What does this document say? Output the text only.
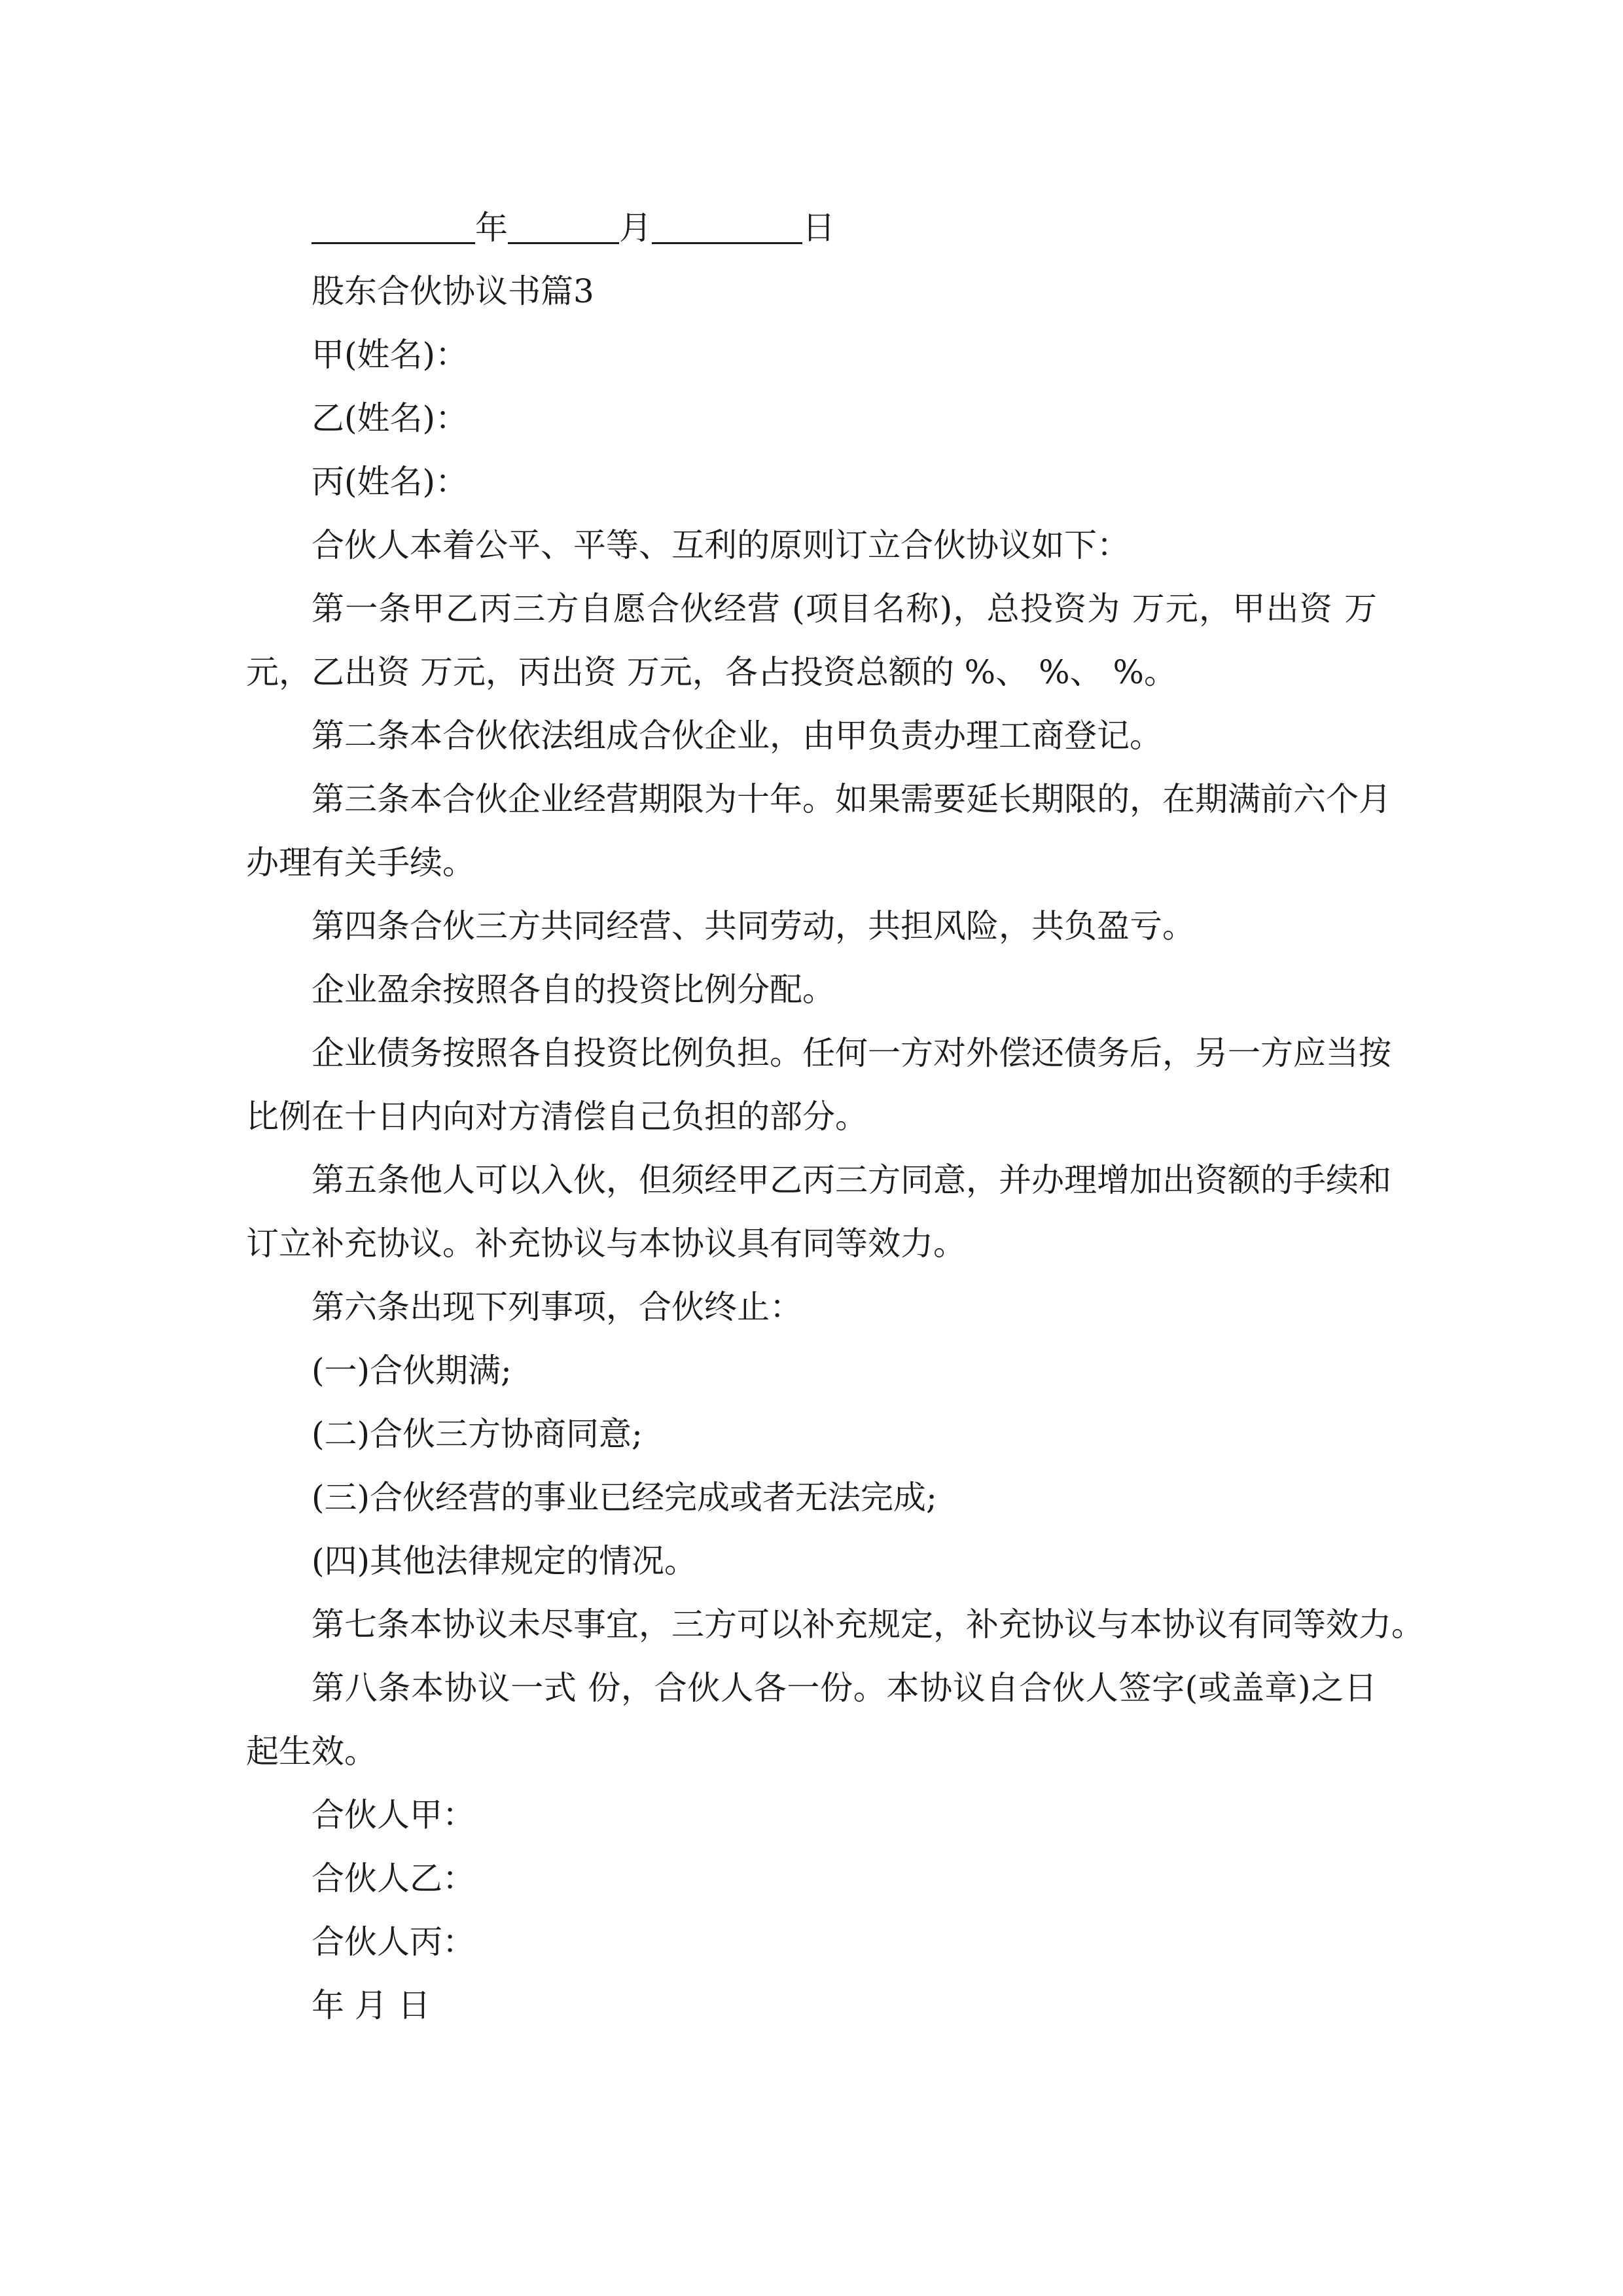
年	月	日
股东合伙协议书篇3
甲(姓名)：
乙(姓名)：
丙(姓名)：
合伙人本着公平、平等、互利的原则订立合伙协议如下：
第一条甲乙丙三方自愿合伙经营 (项目名称)，总投资为 万元，甲出资 万
元，乙出资 万元，丙出资 万元，各占投资总额的 %、 %、 %。
第二条本合伙依法组成合伙企业，由甲负责办理工商登记。
第三条本合伙企业经营期限为十年。如果需要延长期限的，在期满前六个月
办理有关手续。
第四条合伙三方共同经营、共同劳动，共担风险，共负盈亏。
企业盈余按照各自的投资比例分配。
企业债务按照各自投资比例负担。任何一方对外偿还债务后，另一方应当按
比例在十日内向对方清偿自己负担的部分。
第五条他人可以入伙，但须经甲乙丙三方同意，并办理增加出资额的手续和
订立补充协议。补充协议与本协议具有同等效力。
第六条出现下列事项，合伙终止：
(一)合伙期满;
(二)合伙三方协商同意;
(三)合伙经营的事业已经完成或者无法完成;
(四)其他法律规定的情况。
第七条本协议未尽事宜，三方可以补充规定，补充协议与本协议有同等效力。
第八条本协议一式 份，合伙人各一份。本协议自合伙人签字(或盖章)之日
起生效。
合伙人甲：
合伙人乙：
合伙人丙：
年 月 日
